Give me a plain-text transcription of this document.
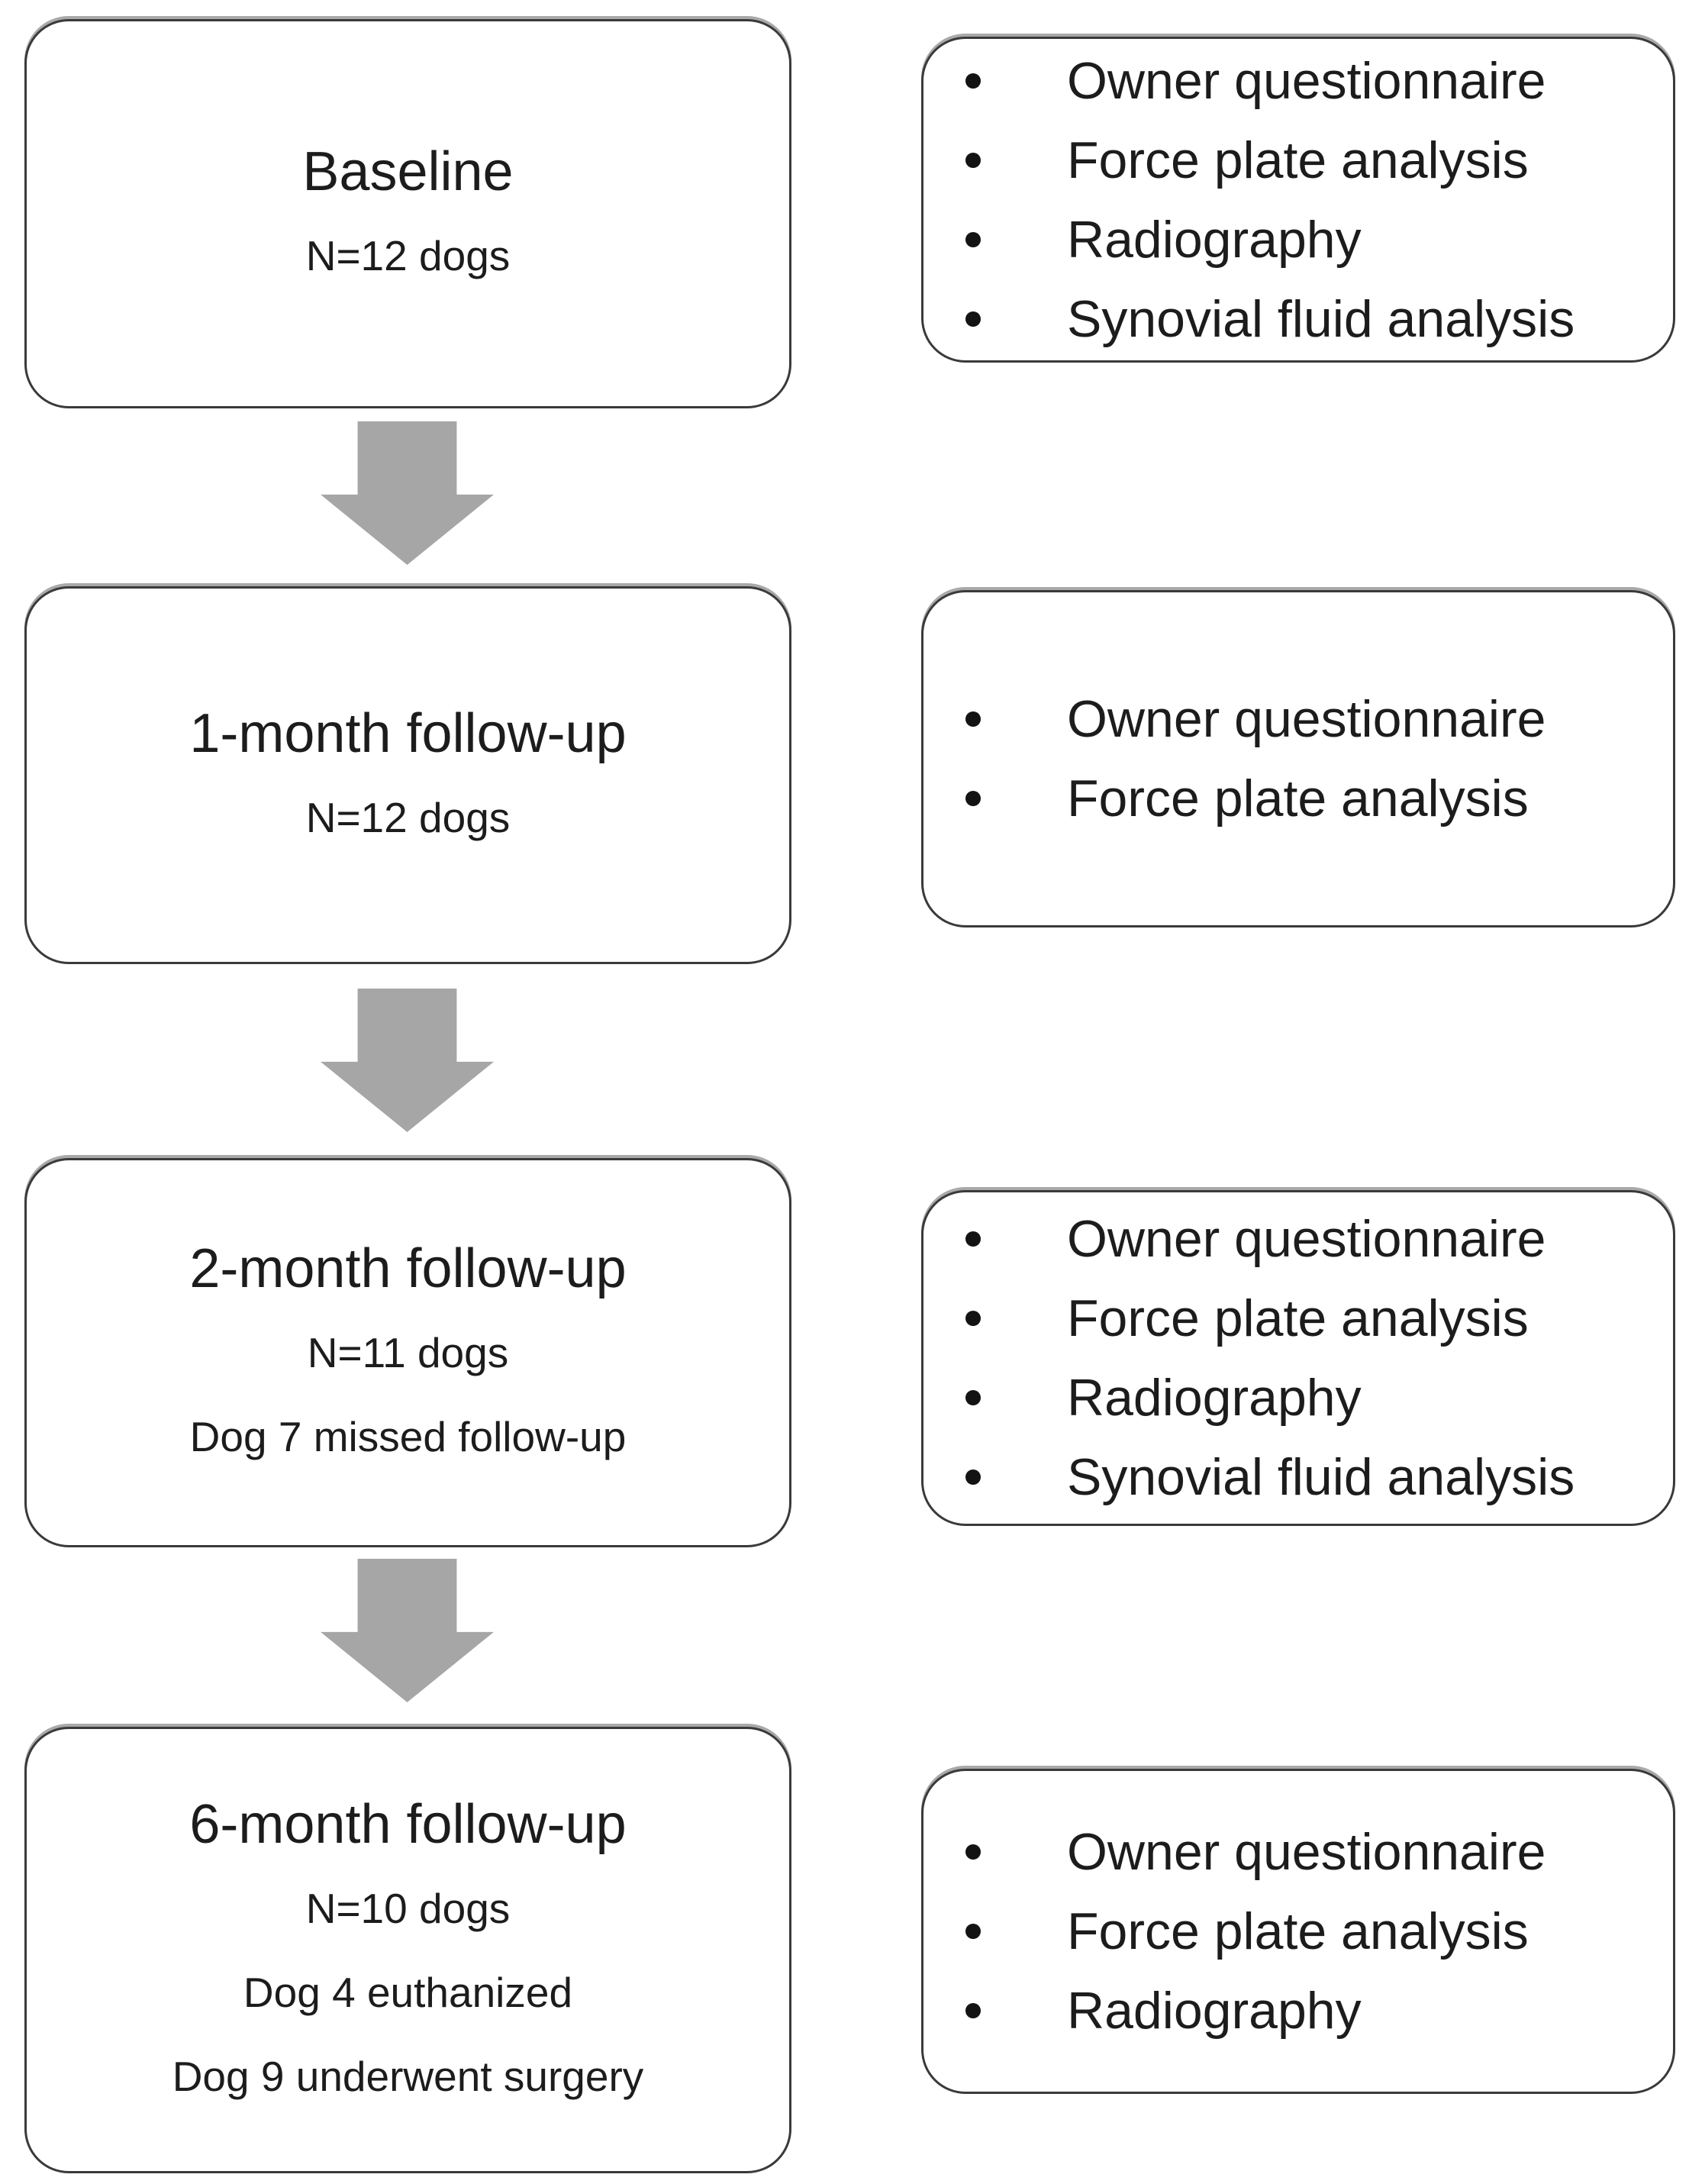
Baseline

N=12 dogs

Owner questionnaire
Force plate analysis
Radiography
Synovial fluid analysis
1-month follow-up

N=12 dogs

Owner questionnaire
Force plate analysis
2-month follow-up

N=11 dogs

Dog 7 missed follow-up

Owner questionnaire
Force plate analysis
Radiography
Synovial fluid analysis
6-month follow-up

N=10 dogs

Dog 4 euthanized

Dog 9 underwent surgery

Owner questionnaire
Force plate analysis
Radiography
